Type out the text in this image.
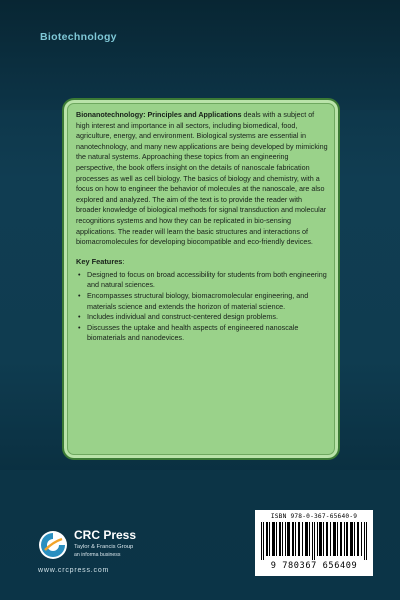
Biotechnology

Bionanotechnology: Principles and Applications deals with a subject of high interest and importance in all sectors, including biomedical, food, agriculture, energy, and environment. Biological systems are essential in nanotechnology, and many new applications are being developed by mimicking the natural systems. Approaching these topics from an engineering perspective, the book offers insight on the details of nanoscale fabrication processes as well as cell biology. The basics of biology and chemistry, with a focus on how to engineer the behavior of molecules at the nanoscale, are also explored and analyzed. The aim of the text is to provide the reader with broader knowledge of biological methods for signal transduction and molecular recognitions systems and how they can be replicated in bio-sensing applications. The reader will learn the basic structures and interactions of biomacromolecules for developing biocompatible and eco-friendly devices.

Key Features:
• Designed to focus on broad accessibility for students from both engineering and natural sciences.
• Encompasses structural biology, biomacromolecular engineering, and materials science and extends the horizon of material science.
• Includes individual and construct-centered design problems.
• Discusses the uptake and health aspects of engineered nanoscale biomaterials and nanodevices.
CRC Press
Taylor & Francis Group
an informa business
www.crcpress.com
ISBN 978-0-367-65640-9
9 780367 656409
